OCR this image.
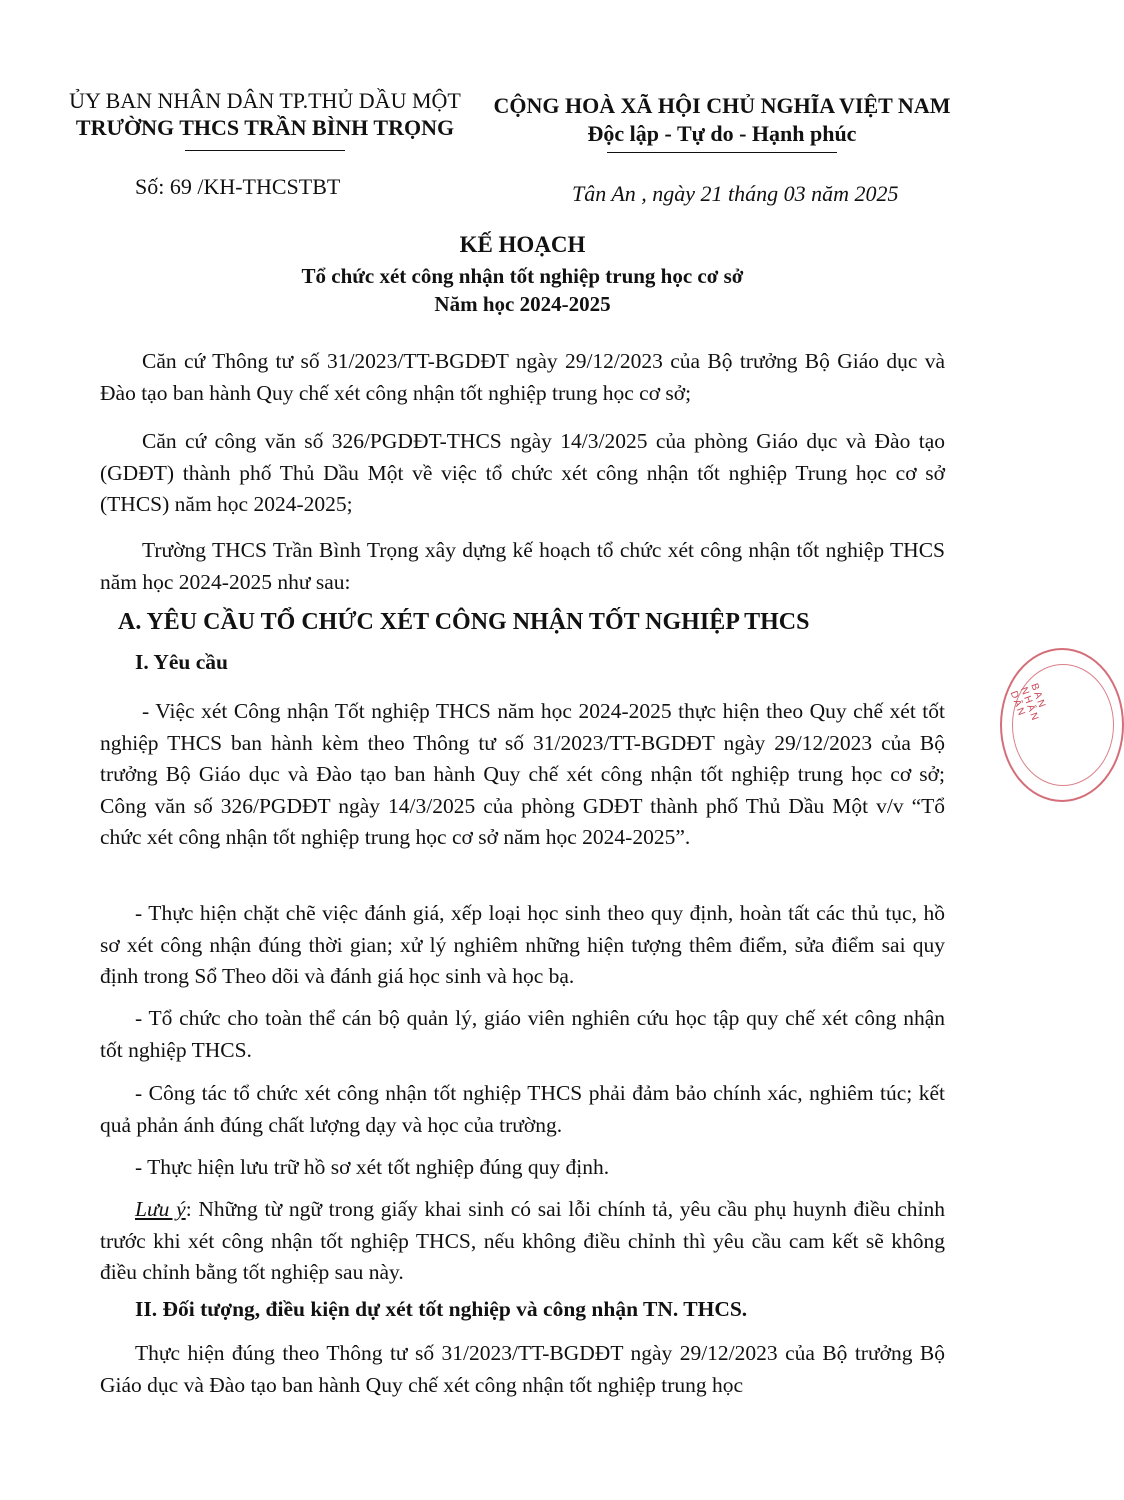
ỦY BAN NHÂN DÂN TP.THỦ DẦU MỘT
TRƯỜNG THCS TRẦN BÌNH TRỌNG
CỘNG HOÀ XÃ HỘI CHỦ NGHĨA VIỆT NAM
Độc lập - Tự do - Hạnh phúc
Số: 69 /KH-THCSTBT	Tân An , ngày 21 tháng 03 năm 2025
KẾ HOẠCH
Tổ chức xét công nhận tốt nghiệp trung học cơ sở
Năm học 2024-2025
Căn cứ Thông tư số 31/2023/TT-BGDĐT ngày 29/12/2023 của Bộ trưởng Bộ Giáo dục và Đào tạo ban hành Quy chế xét công nhận tốt nghiệp trung học cơ sở;
Căn cứ công văn số 326/PGDĐT-THCS ngày 14/3/2025 của phòng Giáo dục và Đào tạo (GDĐT) thành phố Thủ Dầu Một về việc tổ chức xét công nhận tốt nghiệp Trung học cơ sở (THCS) năm học 2024-2025;
Trường THCS Trần Bình Trọng xây dựng kế hoạch tổ chức xét công nhận tốt nghiệp THCS năm học 2024-2025 như sau:
A. YÊU CẦU TỔ CHỨC XÉT CÔNG NHẬN TỐT NGHIỆP THCS
I. Yêu cầu
- Việc xét Công nhận Tốt nghiệp THCS năm học 2024-2025 thực hiện theo Quy chế xét tốt nghiệp THCS ban hành kèm theo Thông tư số 31/2023/TT-BGDĐT ngày 29/12/2023 của Bộ trưởng Bộ Giáo dục và Đào tạo ban hành Quy chế xét công nhận tốt nghiệp trung học cơ sở; Công văn số 326/PGDĐT ngày 14/3/2025 của phòng GDĐT thành phố Thủ Dầu Một v/v “Tổ chức xét công nhận tốt nghiệp trung học cơ sở năm học 2024-2025”.
- Thực hiện chặt chẽ việc đánh giá, xếp loại học sinh theo quy định, hoàn tất các thủ tục, hồ sơ xét công nhận đúng thời gian; xử lý nghiêm những hiện tượng thêm điểm, sửa điểm sai quy định trong Sổ Theo dõi và đánh giá học sinh và học bạ.
- Tổ chức cho toàn thể cán bộ quản lý, giáo viên nghiên cứu học tập quy chế xét công nhận tốt nghiệp THCS.
- Công tác tổ chức xét công nhận tốt nghiệp THCS phải đảm bảo chính xác, nghiêm túc; kết quả phản ánh đúng chất lượng dạy và học của trường.
- Thực hiện lưu trữ hồ sơ xét tốt nghiệp đúng quy định.
Lưu ý: Những từ ngữ trong giấy khai sinh có sai lỗi chính tả, yêu cầu phụ huynh điều chỉnh trước khi xét công nhận tốt nghiệp THCS, nếu không điều chỉnh thì yêu cầu cam kết sẽ không điều chỉnh bằng tốt nghiệp sau này.
II. Đối tượng, điều kiện dự xét tốt nghiệp và công nhận TN. THCS.
Thực hiện đúng theo Thông tư số 31/2023/TT-BGDĐT ngày 29/12/2023 của Bộ trưởng Bộ Giáo dục và Đào tạo ban hành Quy chế xét công nhận tốt nghiệp trung học
BAN NHÂN DÂN
